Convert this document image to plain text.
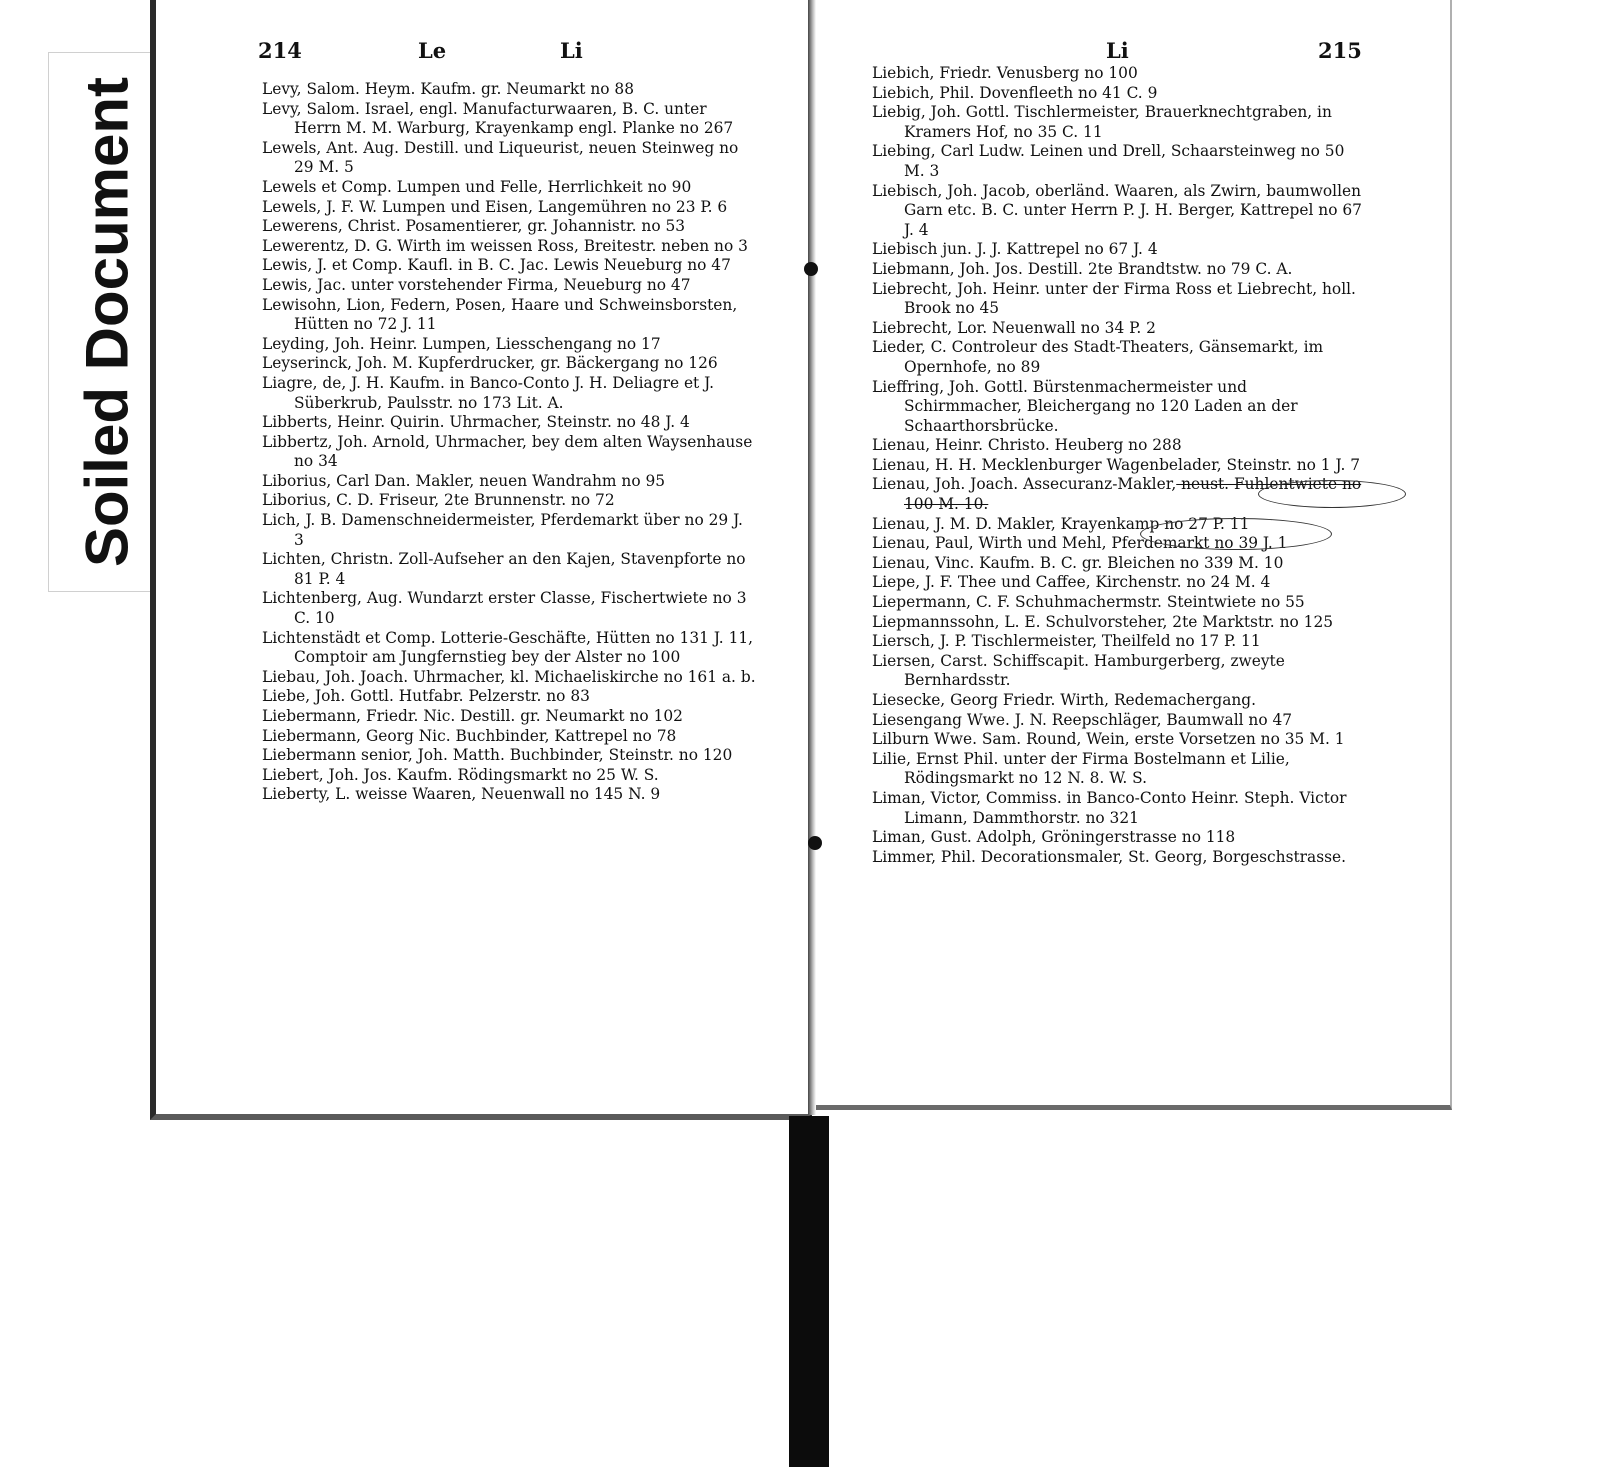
Soiled Document
214	Le	Li

Levy, Salom. Heym. Kaufm. gr. Neumarkt no 88

Levy, Salom. Israel, engl. Manufacturwaaren, B. C. unter Herrn M. M. Warburg, Krayenkamp engl. Planke no 267

Lewels, Ant. Aug. Destill. und Liqueurist, neuen Steinweg no 29 M. 5

Lewels et Comp. Lumpen und Felle, Herrlichkeit no 90

Lewels, J. F. W. Lumpen und Eisen, Langemühren no 23 P. 6

Lewerens, Christ. Posamentierer, gr. Johannistr. no 53

Lewerentz, D. G. Wirth im weissen Ross, Breitestr. neben no 3

Lewis, J. et Comp. Kaufl. in B. C. Jac. Lewis Neueburg no 47

Lewis, Jac. unter vorstehender Firma, Neueburg no 47

Lewisohn, Lion, Federn, Posen, Haare und Schweinsborsten, Hütten no 72 J. 11

Leyding, Joh. Heinr. Lumpen, Liesschengang no 17

Leyserinck, Joh. M. Kupferdrucker, gr. Bäckergang no 126

Liagre, de, J. H. Kaufm. in Banco-Conto J. H. Deliagre et J. Süberkrub, Paulsstr. no 173 Lit. A.

Libberts, Heinr. Quirin. Uhrmacher, Steinstr. no 48 J. 4

Libbertz, Joh. Arnold, Uhrmacher, bey dem alten Waysenhause no 34

Liborius, Carl Dan. Makler, neuen Wandrahm no 95

Liborius, C. D. Friseur, 2te Brunnenstr. no 72

Lich, J. B. Damenschneidermeister, Pferdemarkt über no 29 J. 3

Lichten, Christn. Zoll-Aufseher an den Kajen, Stavenpforte no 81 P. 4

Lichtenberg, Aug. Wundarzt erster Classe, Fischertwiete no 3 C. 10

Lichtenstädt et Comp. Lotterie-Geschäfte, Hütten no 131 J. 11, Comptoir am Jungfernstieg bey der Alster no 100

Liebau, Joh. Joach. Uhrmacher, kl. Michaeliskirche no 161 a. b.

Liebe, Joh. Gottl. Hutfabr. Pelzerstr. no 83

Liebermann, Friedr. Nic. Destill. gr. Neumarkt no 102

Liebermann, Georg Nic. Buchbinder, Kattrepel no 78

Liebermann senior, Joh. Matth. Buchbinder, Steinstr. no 120

Liebert, Joh. Jos. Kaufm. Rödingsmarkt no 25 W. S.

Lieberty, L. weisse Waaren, Neuenwall no 145 N. 9

Li	215

Liebich, Friedr. Venusberg no 100

Liebich, Phil. Dovenfleeth no 41 C. 9

Liebig, Joh. Gottl. Tischlermeister, Brauerknechtgraben, in Kramers Hof, no 35 C. 11

Liebing, Carl Ludw. Leinen und Drell, Schaarsteinweg no 50 M. 3

Liebisch, Joh. Jacob, oberländ. Waaren, als Zwirn, baumwollen Garn etc. B. C. unter Herrn P. J. H. Berger, Kattrepel no 67 J. 4

Liebisch jun. J. J. Kattrepel no 67 J. 4

Liebmann, Joh. Jos. Destill. 2te Brandtstw. no 79 C. A.

Liebrecht, Joh. Heinr. unter der Firma Ross et Liebrecht, holl. Brook no 45

Liebrecht, Lor. Neuenwall no 34 P. 2

Lieder, C. Controleur des Stadt-Theaters, Gänsemarkt, im Opernhofe, no 89

Lieffring, Joh. Gottl. Bürstenmachermeister und Schirmmacher, Bleichergang no 120 Laden an der Schaarthorsbrücke.

Lienau, Heinr. Christo. Heuberg no 288

Lienau, H. H. Mecklenburger Wagenbelader, Steinstr. no 1 J. 7

Lienau, Joh. Joach. Assecuranz-Makler, neust. Fuhlentwiete no 100 M. 10.

Lienau, J. M. D. Makler, Krayenkamp no 27 P. 11

Lienau, Paul, Wirth und Mehl, Pferdemarkt no 39 J. 1

Lienau, Vinc. Kaufm. B. C. gr. Bleichen no 339 M. 10

Liepe, J. F. Thee und Caffee, Kirchenstr. no 24 M. 4

Liepermann, C. F. Schuhmachermstr. Steintwiete no 55

Liepmannssohn, L. E. Schulvorsteher, 2te Marktstr. no 125

Liersch, J. P. Tischlermeister, Theilfeld no 17 P. 11

Liersen, Carst. Schiffscapit. Hamburgerberg, zweyte Bernhardsstr.

Liesecke, Georg Friedr. Wirth, Redemachergang.

Liesengang Wwe. J. N. Reepschläger, Baumwall no 47

Lilburn Wwe. Sam. Round, Wein, erste Vorsetzen no 35 M. 1

Lilie, Ernst Phil. unter der Firma Bostelmann et Lilie, Rödingsmarkt no 12 N. 8. W. S.

Liman, Victor, Commiss. in Banco-Conto Heinr. Steph. Victor Limann, Dammthorstr. no 321

Liman, Gust. Adolph, Gröningerstrasse no 118

Limmer, Phil. Decorationsmaler, St. Georg, Borgeschstrasse.
